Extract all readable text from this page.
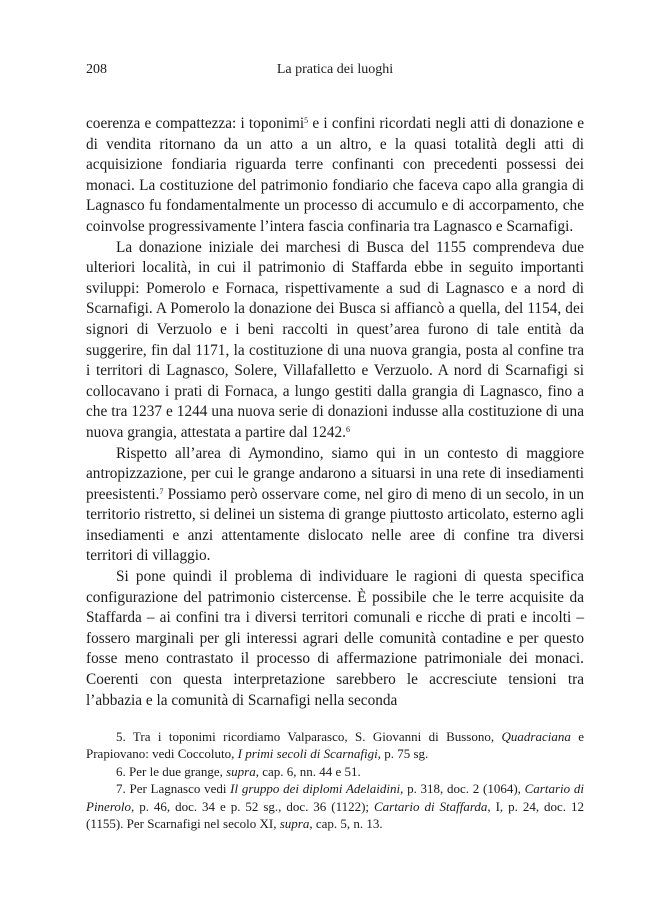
208	La pratica dei luoghi

coerenza e compattezza: i toponimi$^5$ e i confini ricordati negli atti di donazione e di vendita ritornano da un atto a un altro, e la quasi totalità degli atti di acquisizione fondiaria riguarda terre confinanti con precedenti possessi dei monaci. La costituzione del patrimonio fondiario che faceva capo alla grangia di Lagnasco fu fondamentalmente un processo di accumulo e di accorpamento, che coinvolse progressivamente l’intera fascia confinaria tra Lagnasco e Scarnafigi.

La donazione iniziale dei marchesi di Busca del 1155 comprendeva due ulteriori località, in cui il patrimonio di Staffarda ebbe in seguito importanti sviluppi: Pomerolo e Fornaca, rispettivamente a sud di Lagnasco e a nord di Scarnafigi. A Pomerolo la donazione dei Busca si affiancò a quella, del 1154, dei signori di Verzuolo e i beni raccolti in quest’area furono di tale entità da suggerire, fin dal 1171, la costituzione di una nuova grangia, posta al confine tra i territori di Lagnasco, Solere, Villafalletto e Verzuolo. A nord di Scarnafigi si collocavano i prati di Fornaca, a lungo gestiti dalla grangia di Lagnasco, fino a che tra 1237 e 1244 una nuova serie di donazioni indusse alla costituzione di una nuova grangia, attestata a partire dal 1242.$^6$

Rispetto all’area di Aymondino, siamo qui in un contesto di maggiore antropizzazione, per cui le grange andarono a situarsi in una rete di insediamenti preesistenti.$^7$ Possiamo però osservare come, nel giro di meno di un secolo, in un territorio ristretto, si delinei un sistema di grange piuttosto articolato, esterno agli insediamenti e anzi attentamente dislocato nelle aree di confine tra diversi territori di villaggio.

Si pone quindi il problema di individuare le ragioni di questa specifica configurazione del patrimonio cistercense. È possibile che le terre acquisite da Staffarda – ai confini tra i diversi territori comunali e ricche di prati e incolti – fossero marginali per gli interessi agrari delle comunità contadine e per questo fosse meno contrastato il processo di affermazione patrimoniale dei monaci. Coerenti con questa interpretazione sarebbero le accresciute tensioni tra l’abbazia e la comunità di Scarnafigi nella seconda

5. Tra i toponimi ricordiamo Valparasco, S. Giovanni di Bussono, Quadraciana e Prapiovano: vedi Coccoluto, I primi secoli di Scarnafigi, p. 75 sg.

6. Per le due grange, supra, cap. 6, nn. 44 e 51.

7. Per Lagnasco vedi Il gruppo dei diplomi Adelaidini, p. 318, doc. 2 (1064), Cartario di Pinerolo, p. 46, doc. 34 e p. 52 sg., doc. 36 (1122); Cartario di Staffarda, I, p. 24, doc. 12 (1155). Per Scarnafigi nel secolo XI, supra, cap. 5, n. 13.
